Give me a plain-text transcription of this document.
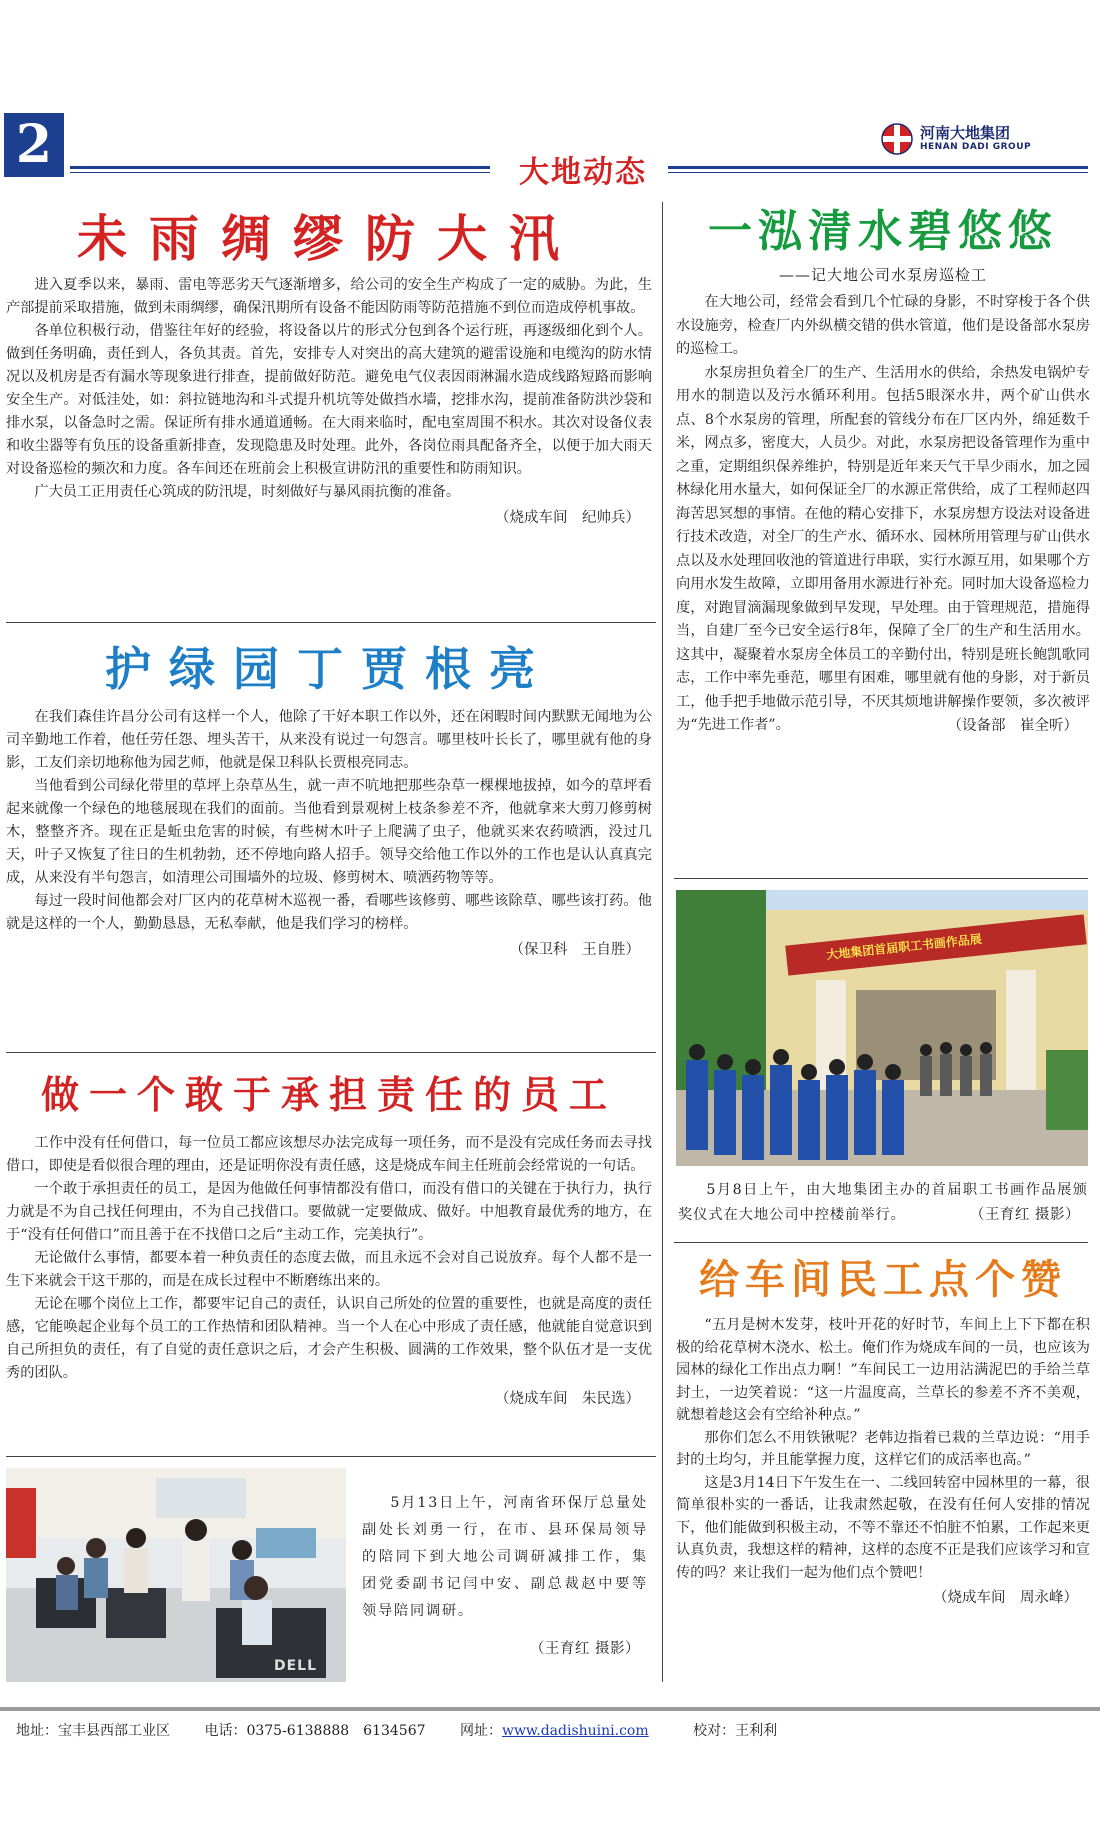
2	大地动态
河南大地集团
HENAN DADI GROUP
未雨绸缪防大汛

进入夏季以来，暴雨、雷电等恶劣天气逐渐增多，给公司的安全生产构成了一定的威胁。为此，生产部提前采取措施，做到未雨绸缪，确保汛期所有设备不能因防雨等防范措施不到位而造成停机事故。

各单位积极行动，借鉴往年好的经验，将设备以片的形式分包到各个运行班，再逐级细化到个人。做到任务明确，责任到人，各负其责。首先，安排专人对突出的高大建筑的避雷设施和电缆沟的防水情况以及机房是否有漏水等现象进行排查，提前做好防范。避免电气仪表因雨淋漏水造成线路短路而影响安全生产。对低洼处，如：斜拉链地沟和斗式提升机坑等处做挡水墙，挖排水沟，提前准备防洪沙袋和排水泵，以备急时之需。保证所有排水通道通畅。在大雨来临时，配电室周围不积水。其次对设备仪表和收尘器等有负压的设备重新排查，发现隐患及时处理。此外，各岗位雨具配备齐全，以便于加大雨天对设备巡检的频次和力度。各车间还在班前会上积极宣讲防汛的重要性和防雨知识。

广大员工正用责任心筑成的防汛堤，时刻做好与暴风雨抗衡的准备。

（烧成车间　纪帅兵）
护绿园丁贾根亮

在我们森佳许昌分公司有这样一个人，他除了干好本职工作以外，还在闲暇时间内默默无闻地为公司辛勤地工作着，他任劳任怨、埋头苦干，从来没有说过一句怨言。哪里枝叶长长了，哪里就有他的身影，工友们亲切地称他为园艺师，他就是保卫科队长贾根亮同志。

当他看到公司绿化带里的草坪上杂草丛生，就一声不吭地把那些杂草一棵棵地拔掉，如今的草坪看起来就像一个绿色的地毯展现在我们的面前。当他看到景观树上枝条参差不齐，他就拿来大剪刀修剪树木，整整齐齐。现在正是蚯虫危害的时候，有些树木叶子上爬满了虫子，他就买来农药喷洒，没过几天，叶子又恢复了往日的生机勃勃，还不停地向路人招手。领导交给他工作以外的工作也是认认真真完成，从来没有半句怨言，如清理公司围墙外的垃圾、修剪树木、喷洒药物等等。

每过一段时间他都会对厂区内的花草树木巡视一番，看哪些该修剪、哪些该除草、哪些该打药。他就是这样的一个人，勤勤恳恳，无私奉献，他是我们学习的榜样。

（保卫科　王自胜）
做一个敢于承担责任的员工

工作中没有任何借口，每一位员工都应该想尽办法完成每一项任务，而不是没有完成任务而去寻找借口，即使是看似很合理的理由，还是证明你没有责任感，这是烧成车间主任班前会经常说的一句话。

一个敢于承担责任的员工，是因为他做任何事情都没有借口，而没有借口的关键在于执行力，执行力就是不为自己找任何理由，不为自己找借口。要做就一定要做成、做好。中旭教育最优秀的地方，在于“没有任何借口”而且善于在不找借口之后“主动工作，完美执行”。

无论做什么事情，都要本着一种负责任的态度去做，而且永远不会对自己说放弃。每个人都不是一生下来就会干这干那的，而是在成长过程中不断磨练出来的。

无论在哪个岗位上工作，都要牢记自己的责任，认识自己所处的位置的重要性，也就是高度的责任感，它能唤起企业每个员工的工作热情和团队精神。当一个人在心中形成了责任感，他就能自觉意识到自己所担负的责任，有了自觉的责任意识之后，才会产生积极、圆满的工作效果，整个队伍才是一支优秀的团队。

（烧成车间　朱民选）
DELL

5月13日上午，河南省环保厅总量处副处长刘勇一行，在市、县环保局领导的陪同下到大地公司调研减排工作，集团党委副书记闫中安、副总裁赵中要等领导陪同调研。

（王育红 摄影）

一泓清水碧悠悠
——记大地公司水泵房巡检工

在大地公司，经常会看到几个忙碌的身影，不时穿梭于各个供水设施旁，检查厂内外纵横交错的供水管道，他们是设备部水泵房的巡检工。

水泵房担负着全厂的生产、生活用水的供给，余热发电锅炉专用水的制造以及污水循环利用。包括5眼深水井，两个矿山供水点、8个水泵房的管理，所配套的管线分布在厂区内外，绵延数千米，网点多，密度大，人员少。对此，水泵房把设备管理作为重中之重，定期组织保养维护，特别是近年来天气干旱少雨水，加之园林绿化用水量大，如何保证全厂的水源正常供给，成了工程师赵四海苦思冥想的事情。在他的精心安排下，水泵房想方设法对设备进行技术改造，对全厂的生产水、循环水、园林所用管理与矿山供水点以及水处理回收池的管道进行串联，实行水源互用，如果哪个方向用水发生故障，立即用备用水源进行补充。同时加大设备巡检力度，对跑冒滴漏现象做到早发现，早处理。由于管理规范，措施得当，自建厂至今已安全运行8年，保障了全厂的生产和生活用水。这其中，凝聚着水泵房全体员工的辛勤付出，特别是班长鲍凯歌同志，工作中率先垂范，哪里有困难，哪里就有他的身影，对于新员工，他手把手地做示范引导，不厌其烦地讲解操作要领，多次被评为“先进工作者”。	（设备部　崔全听）
大地集团首届职工书画作品展

5月8日上午，由大地集团主办的首届职工书画作品展颁奖仪式在大地公司中控楼前举行。	（王育红 摄影）

给车间民工点个赞

“五月是树木发芽，枝叶开花的好时节，车间上上下下都在积极的给花草树木浇水、松土。俺们作为烧成车间的一员，也应该为园林的绿化工作出点力啊！”车间民工一边用沾满泥巴的手给兰草封土，一边笑着说：“这一片温度高，兰草长的参差不齐不美观，就想着趁这会有空给补种点。”

那你们怎么不用铁锹呢？老韩边指着已栽的兰草边说：“用手封的土均匀，并且能掌握力度，这样它们的成活率也高。”

这是3月14日下午发生在一、二线回转窑中园林里的一幕，很简单很朴实的一番话，让我肃然起敬，在没有任何人安排的情况下，他们能做到积极主动，不等不靠还不怕脏不怕累，工作起来更认真负责，我想这样的精神，这样的态度不正是我们应该学习和宣传的吗？来让我们一起为他们点个赞吧！

（烧成车间　周永峰）
地址：宝丰县西部工业区 电话：0375-6138888　6134567 网址：www.dadishuini.com	校对：王利利
